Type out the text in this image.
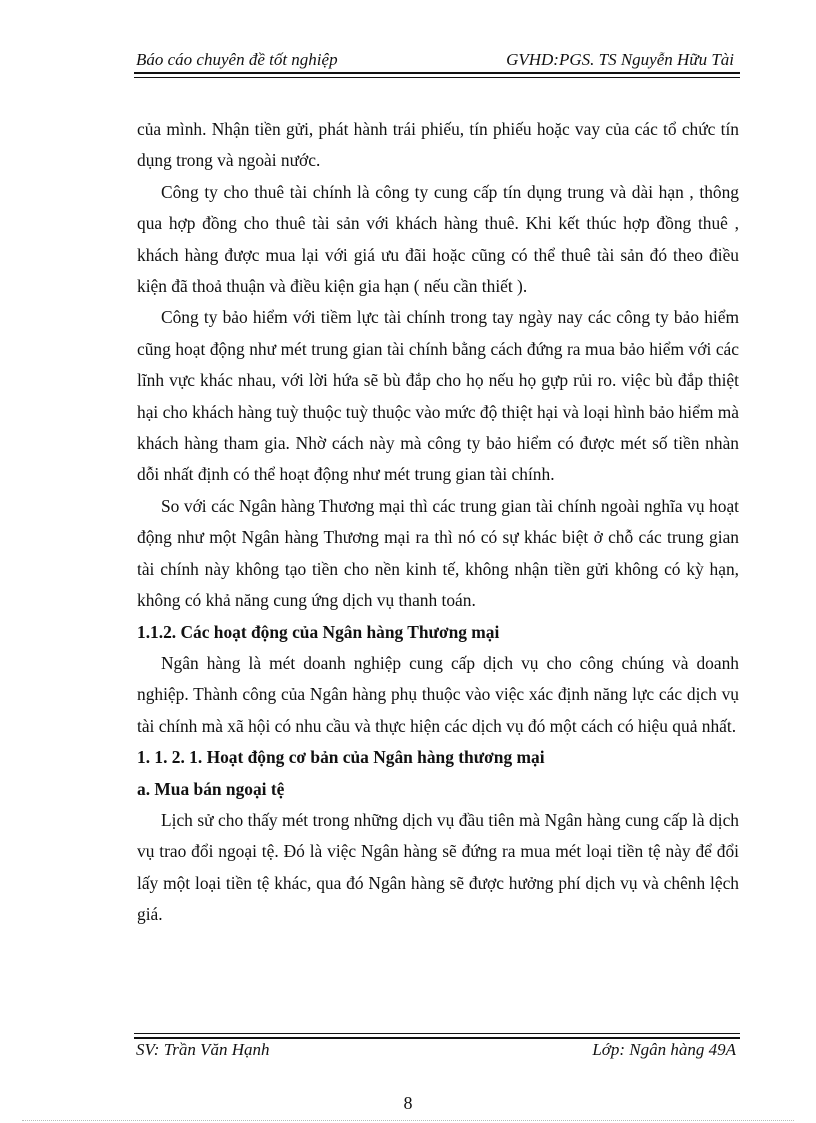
Báo cáo chuyên đề tốt nghiệp	GVHD:PGS. TS Nguyễn Hữu Tài

của mình. Nhận tiền gửi, phát hành trái phiếu, tín phiếu hoặc vay của các tổ chức tín dụng trong và ngoài nước.

Công ty cho thuê tài chính là công ty cung cấp tín dụng trung và dài hạn , thông qua hợp đồng cho thuê tài sản với khách hàng thuê. Khi kết thúc hợp đồng thuê , khách hàng được mua lại với giá ưu đãi hoặc cũng có thể thuê tài sản đó theo điều kiện đã thoả thuận và điều kiện gia hạn ( nếu cần thiết ).

Công ty bảo hiểm với tiềm lực tài chính trong tay ngày nay các công ty bảo hiểm cũng hoạt động như mét trung gian tài chính bằng cách đứng ra mua bảo hiểm với các lĩnh vực khác nhau, với lời hứa sẽ bù đắp cho họ nếu họ gựp rủi ro. việc bù đắp thiệt hại cho khách hàng tuỳ thuộc tuỳ thuộc vào mức độ thiệt hại và loại hình bảo hiểm mà khách hàng tham gia. Nhờ cách này mà công ty bảo hiểm có được mét số tiền nhàn dỗi nhất định có thể hoạt động như mét trung gian tài chính.

So với các Ngân hàng Thương mại thì các trung gian tài chính ngoài nghĩa vụ hoạt động như một Ngân hàng Thương mại ra thì nó có sự khác biệt ở chỗ các trung gian tài chính này không tạo tiền cho nền kinh tế, không nhận tiền gửi không có kỳ hạn, không có khả năng cung ứng dịch vụ thanh toán.

1.1.2. Các hoạt động của Ngân hàng Thương mại

Ngân hàng là mét doanh nghiệp cung cấp dịch vụ cho công chúng và doanh nghiệp. Thành công của Ngân hàng phụ thuộc vào việc xác định năng lực các dịch vụ tài chính mà xã hội có nhu cầu và thực hiện các dịch vụ đó một cách có hiệu quả nhất.

1. 1. 2. 1. Hoạt động cơ bản của Ngân hàng thương mại
a. Mua bán ngoại tệ

Lịch sử cho thấy mét trong những dịch vụ đầu tiên mà Ngân hàng cung cấp là dịch vụ trao đổi ngoại tệ. Đó là việc Ngân hàng sẽ đứng ra mua mét loại tiền tệ này để đổi lấy một loại tiền tệ khác, qua đó Ngân hàng sẽ được hưởng phí dịch vụ và chênh lệch giá.

SV: Trần Văn Hạnh	Lớp: Ngân hàng 49A
8
